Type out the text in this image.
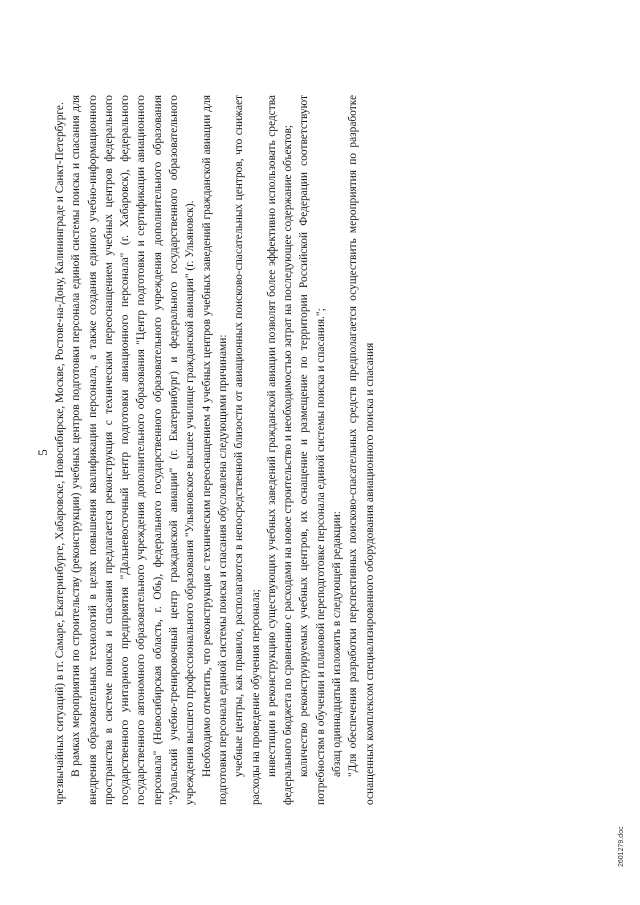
5 чрезвычайных ситуаций) в гг. Самаре, Екатеринбурге, Хабаровске, Новосибирске, Москве, Ростове-на-Дону, Калининграде и Санкт-Петербурге. В рамках мероприятия по строительству (реконструкции) учебных центров подготовки персонала единой системы поиска и спасания для внедрения образовательных технологий в целях повышения квалификации персонала, а также создания единого учебно-информационного пространства в системе поиска и спасания предлагается реконструкция с техническим переоснащением учебных центров федерального государственного унитарного предприятия "Дальневосточный центр подготовки авиационного персонала" (г. Хабаровск), федерального государственного автономного образовательного учреждения дополнительного образования "Центр подготовки и сертификации авиационного персонала" (Новосибирская область, г. Обь), федерального государственного образовательного учреждения дополнительного образования "Уральский учебно-тренировочный центр гражданской авиации" (г. Екатеринбург) и федерального государственного образовательного учреждения высшего профессионального образования "Ульяновское высшее училище гражданской авиации" (г. Ульяновск). Необходимо отметить, что реконструкция с техническим переоснащением 4 учебных центров учебных заведений гражданской авиации для подготовки персонала единой системы поиска и спасания обусловлена следующими причинами: учебные центры, как правило, располагаются в непосредственной близости от авиационных поисково-спасательных центров, что снижает расходы на проведение обучения персонала; инвестиции в реконструкцию существующих учебных заведений гражданской авиации позволят более эффективно использовать средства федерального бюджета по сравнению с расходами на новое строительство и необходимостью затрат на последующее содержание объектов; количество реконструируемых учебных центров, их оснащение и размещение по территории Российской Федерации соответствуют потребностям в обучении и плановой переподготовке персонала единой системы поиска и спасания."; абзац одиннадцатый изложить в следующей редакции: "Для обеспечения разработки перспективных поисково-спасательных средств предполагается осуществить мероприятия по разработке оснащенных комплексом специализированного оборудования авиационного поиска и спасания

2601279.doc
